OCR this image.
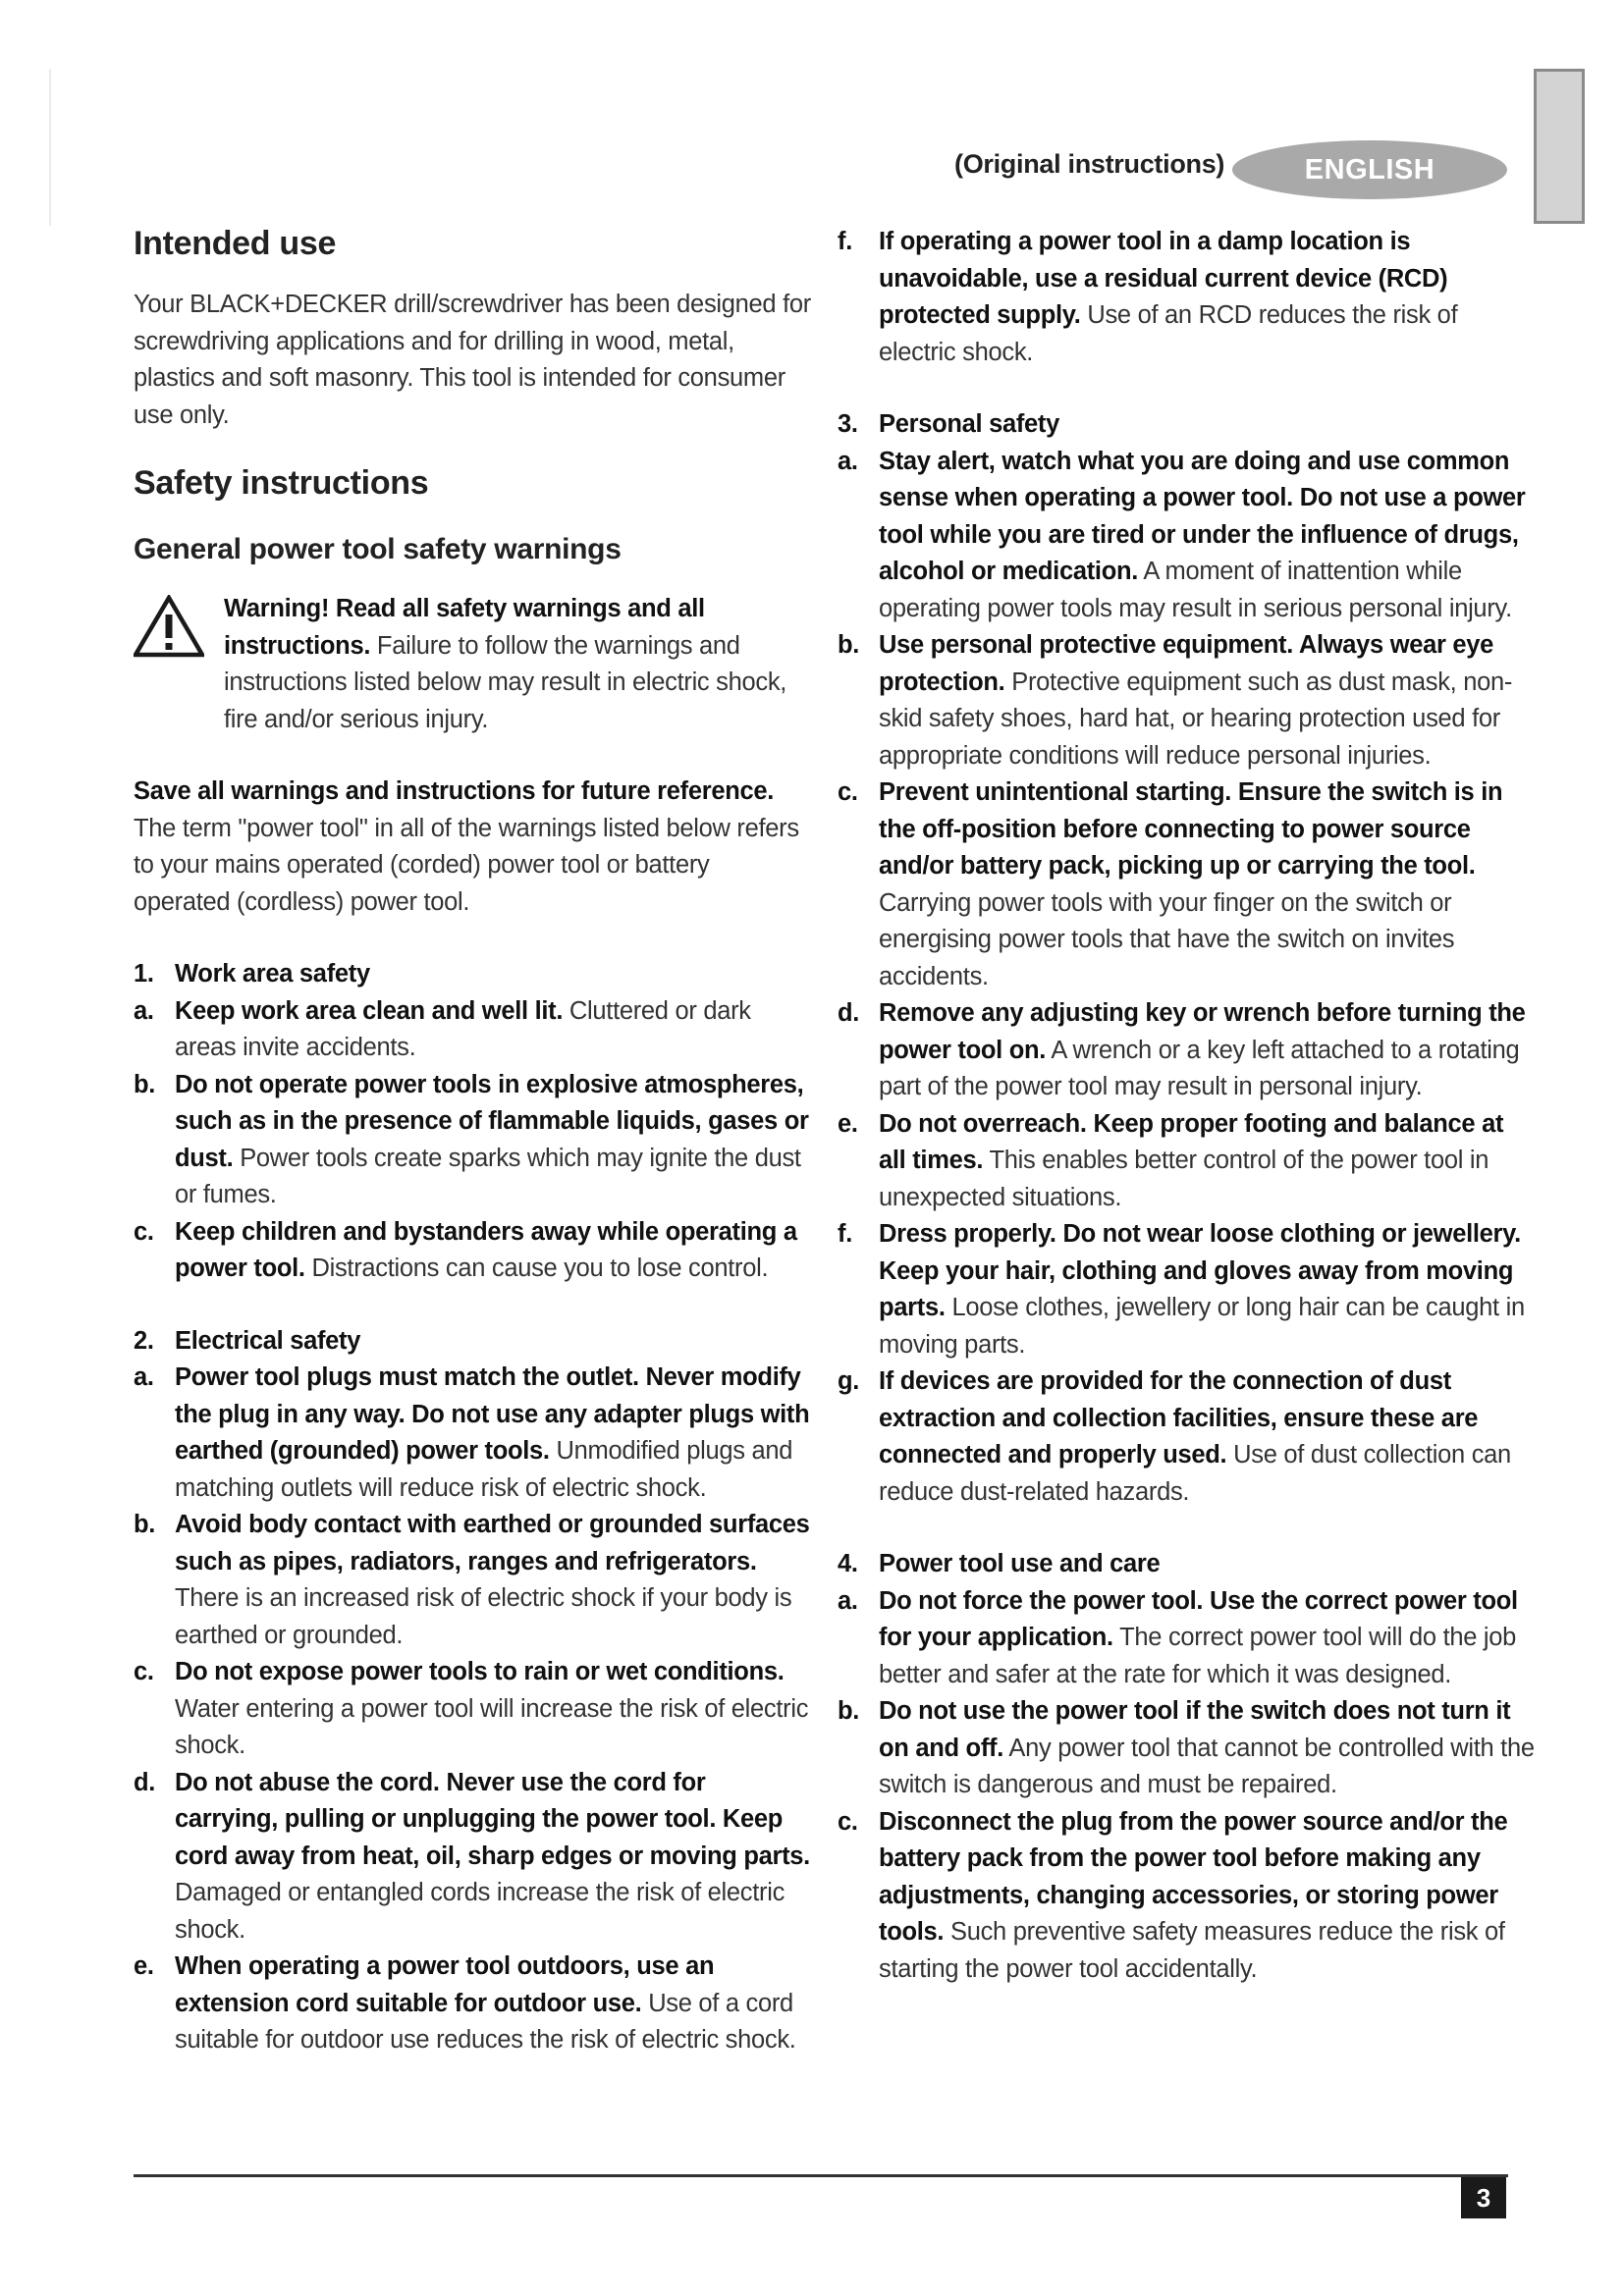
(Original instructions)	ENGLISH
Intended use

Your BLACK+DECKER drill/screwdriver has been designed for screwdriving applications and for drilling in wood, metal, plastics and soft masonry. This tool is intended for consumer use only.

Safety instructions
General power tool safety warnings

Warning! Read all safety warnings and all instructions. Failure to follow the warnings and instructions listed below may result in electric shock, fire and/or serious injury.

Save all warnings and instructions for future reference. The term "power tool" in all of the warnings listed below refers to your mains operated (corded) power tool or battery operated (cordless) power tool.

1. Work area safety
a. Keep work area clean and well lit. Cluttered or dark areas invite accidents.

b. Do not operate power tools in explosive atmospheres, such as in the presence of flammable liquids, gases or dust. Power tools create sparks which may ignite the dust or fumes.

c. Keep children and bystanders away while operating a power tool. Distractions can cause you to lose control.

2. Electrical safety
a. Power tool plugs must match the outlet. Never modify the plug in any way. Do not use any adapter plugs with earthed (grounded) power tools. Unmodified plugs and matching outlets will reduce risk of electric shock.

b. Avoid body contact with earthed or grounded surfaces such as pipes, radiators, ranges and refrigerators. There is an increased risk of electric shock if your body is earthed or grounded.

c. Do not expose power tools to rain or wet conditions. Water entering a power tool will increase the risk of electric shock.

d. Do not abuse the cord. Never use the cord for carrying, pulling or unplugging the power tool. Keep cord away from heat, oil, sharp edges or moving parts. Damaged or entangled cords increase the risk of electric shock.

e. When operating a power tool outdoors, use an extension cord suitable for outdoor use. Use of a cord suitable for outdoor use reduces the risk of electric shock.

f.	If operating a power tool in a damp location is unavoidable, use a residual current device (RCD) protected supply. Use of an RCD reduces the risk of electric shock.

3. Personal safety
a. Stay alert, watch what you are doing and use common sense when operating a power tool. Do not use a power tool while you are tired or under the influence of drugs, alcohol or medication. A moment of inattention while operating power tools may result in serious personal injury.

b. Use personal protective equipment. Always wear eye protection. Protective equipment such as dust mask, non-skid safety shoes, hard hat, or hearing protection used for appropriate conditions will reduce personal injuries.

c. Prevent unintentional starting. Ensure the switch is in the off-position before connecting to power source and/or battery pack, picking up or carrying the tool. Carrying power tools with your finger on the switch or energising power tools that have the switch on invites accidents.

d. Remove any adjusting key or wrench before turning the power tool on. A wrench or a key left attached to a rotating part of the power tool may result in personal injury.

e. Do not overreach. Keep proper footing and balance at all times. This enables better control of the power tool in unexpected situations.

f.	Dress properly. Do not wear loose clothing or jewellery. Keep your hair, clothing and gloves away from moving parts. Loose clothes, jewellery or long hair can be caught in moving parts.

g. If devices are provided for the connection of dust extraction and collection facilities, ensure these are connected and properly used. Use of dust collection can reduce dust-related hazards.

4. Power tool use and care
a. Do not force the power tool. Use the correct power tool for your application. The correct power tool will do the job better and safer at the rate for which it was designed.

b. Do not use the power tool if the switch does not turn it on and off. Any power tool that cannot be controlled with the switch is dangerous and must be repaired.

c. Disconnect the plug from the power source and/or the battery pack from the power tool before making any adjustments, changing accessories, or storing power tools. Such preventive safety measures reduce the risk of starting the power tool accidentally.

3
